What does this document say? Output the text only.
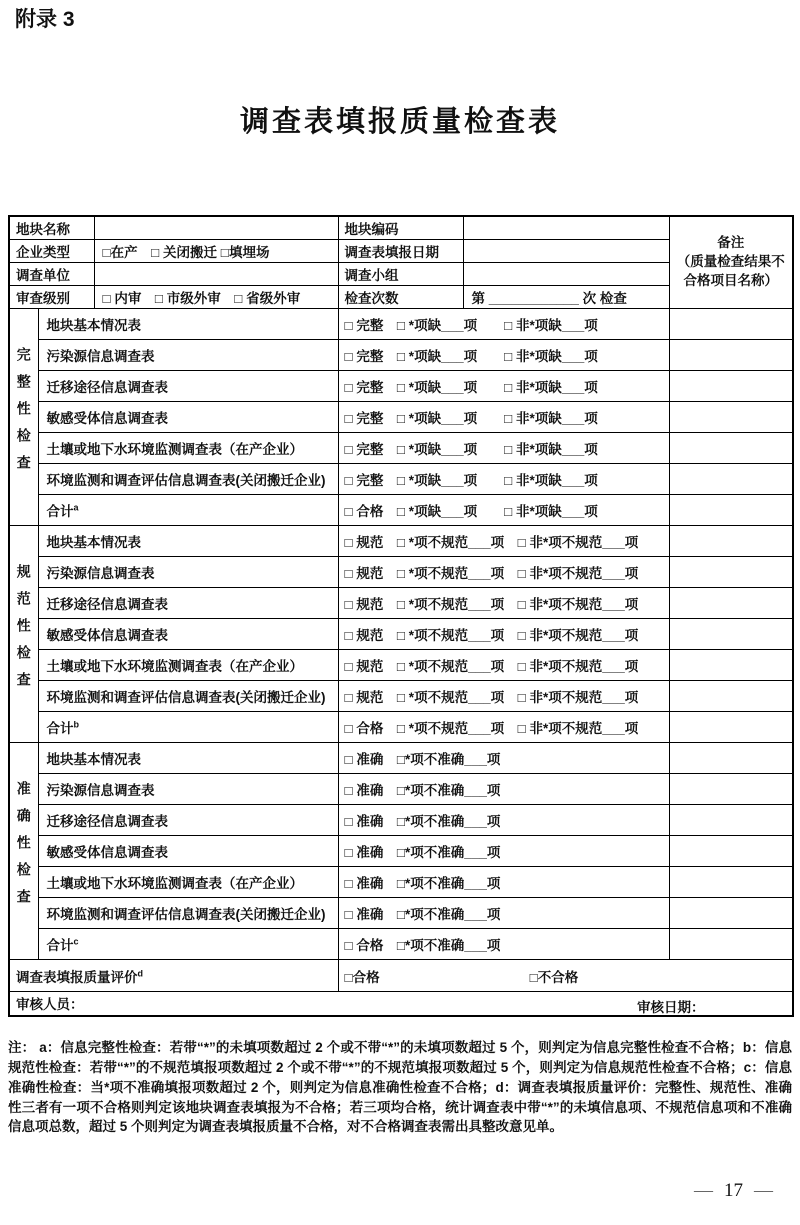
附录 3
调查表填报质量检查表
地块名称			地块编码		备注
（质量检查结果不合格项目名称）

企业类型		□在产　□ 关闭搬迁 □填埋场	调查表填报日期		
调查单位			调查小组		
审查级别		□ 内审　□ 市级外审　□ 省级外审	检查次数	第 ____________ 次 检查	
完整性检查	地块基本情况表		□ 完整　□ *项缺___项　　□ 非*项缺___项		
	污染源信息调查表		□ 完整　□ *项缺___项　　□ 非*项缺___项		
	迁移途径信息调查表		□ 完整　□ *项缺___项　　□ 非*项缺___项		
	敏感受体信息调查表		□ 完整　□ *项缺___项　　□ 非*项缺___项		
	土壤或地下水环境监测调查表（在产企业）		□ 完整　□ *项缺___项　　□ 非*项缺___项		
	环境监测和调查评估信息调查表(关闭搬迁企业)		□ 完整　□ *项缺___项　　□ 非*项缺___项		
	合计$^a$		□ 合格　□ *项缺___项　　□ 非*项缺___项		
规范性检查	地块基本情况表		□ 规范　□ *项不规范___项　□ 非*项不规范___项		
	污染源信息调查表		□ 规范　□ *项不规范___项　□ 非*项不规范___项		
	迁移途径信息调查表		□ 规范　□ *项不规范___项　□ 非*项不规范___项		
	敏感受体信息调查表		□ 规范　□ *项不规范___项　□ 非*项不规范___项		
	土壤或地下水环境监测调查表（在产企业）		□ 规范　□ *项不规范___项　□ 非*项不规范___项		
	环境监测和调查评估信息调查表(关闭搬迁企业)		□ 规范　□ *项不规范___项　□ 非*项不规范___项		
	合计$^b$		□ 合格　□ *项不规范___项　□ 非*项不规范___项		
准确性检查	地块基本情况表		□ 准确　□*项不准确___项		
	污染源信息调查表		□ 准确　□*项不准确___项		
	迁移途径信息调查表		□ 准确　□*项不准确___项		
	敏感受体信息调查表		□ 准确　□*项不准确___项		
	土壤或地下水环境监测调查表（在产企业）		□ 准确　□*项不准确___项		
	环境监测和调查评估信息调查表(关闭搬迁企业)		□ 准确　□*项不准确___项		
	合计$^c$		□ 合格　□*项不准确___项		
调查表填报质量评价$^d$			□合格 □不合格		
审核人员： 审核日期：					
注： a：信息完整性检查：若带“*”的未填项数超过 2 个或不带“*”的未填项数超过 5 个，则判定为信息完整性检查不合格；b：信息规范性检查：若带“*”的不规范填报项数超过 2 个或不带“*”的不规范填报项数超过 5 个，则判定为信息规范性检查不合格；c：信息准确性检查：当*项不准确填报项数超过 2 个，则判定为信息准确性检查不合格；d：调查表填报质量评价：完整性、规范性、准确性三者有一项不合格则判定该地块调查表填报为不合格；若三项均合格，统计调查表中带“*”的未填信息项、不规范信息项和不准确信息项总数，超过 5 个则判定为调查表填报质量不合格，对不合格调查表需出具整改意见单。
— 17 —
